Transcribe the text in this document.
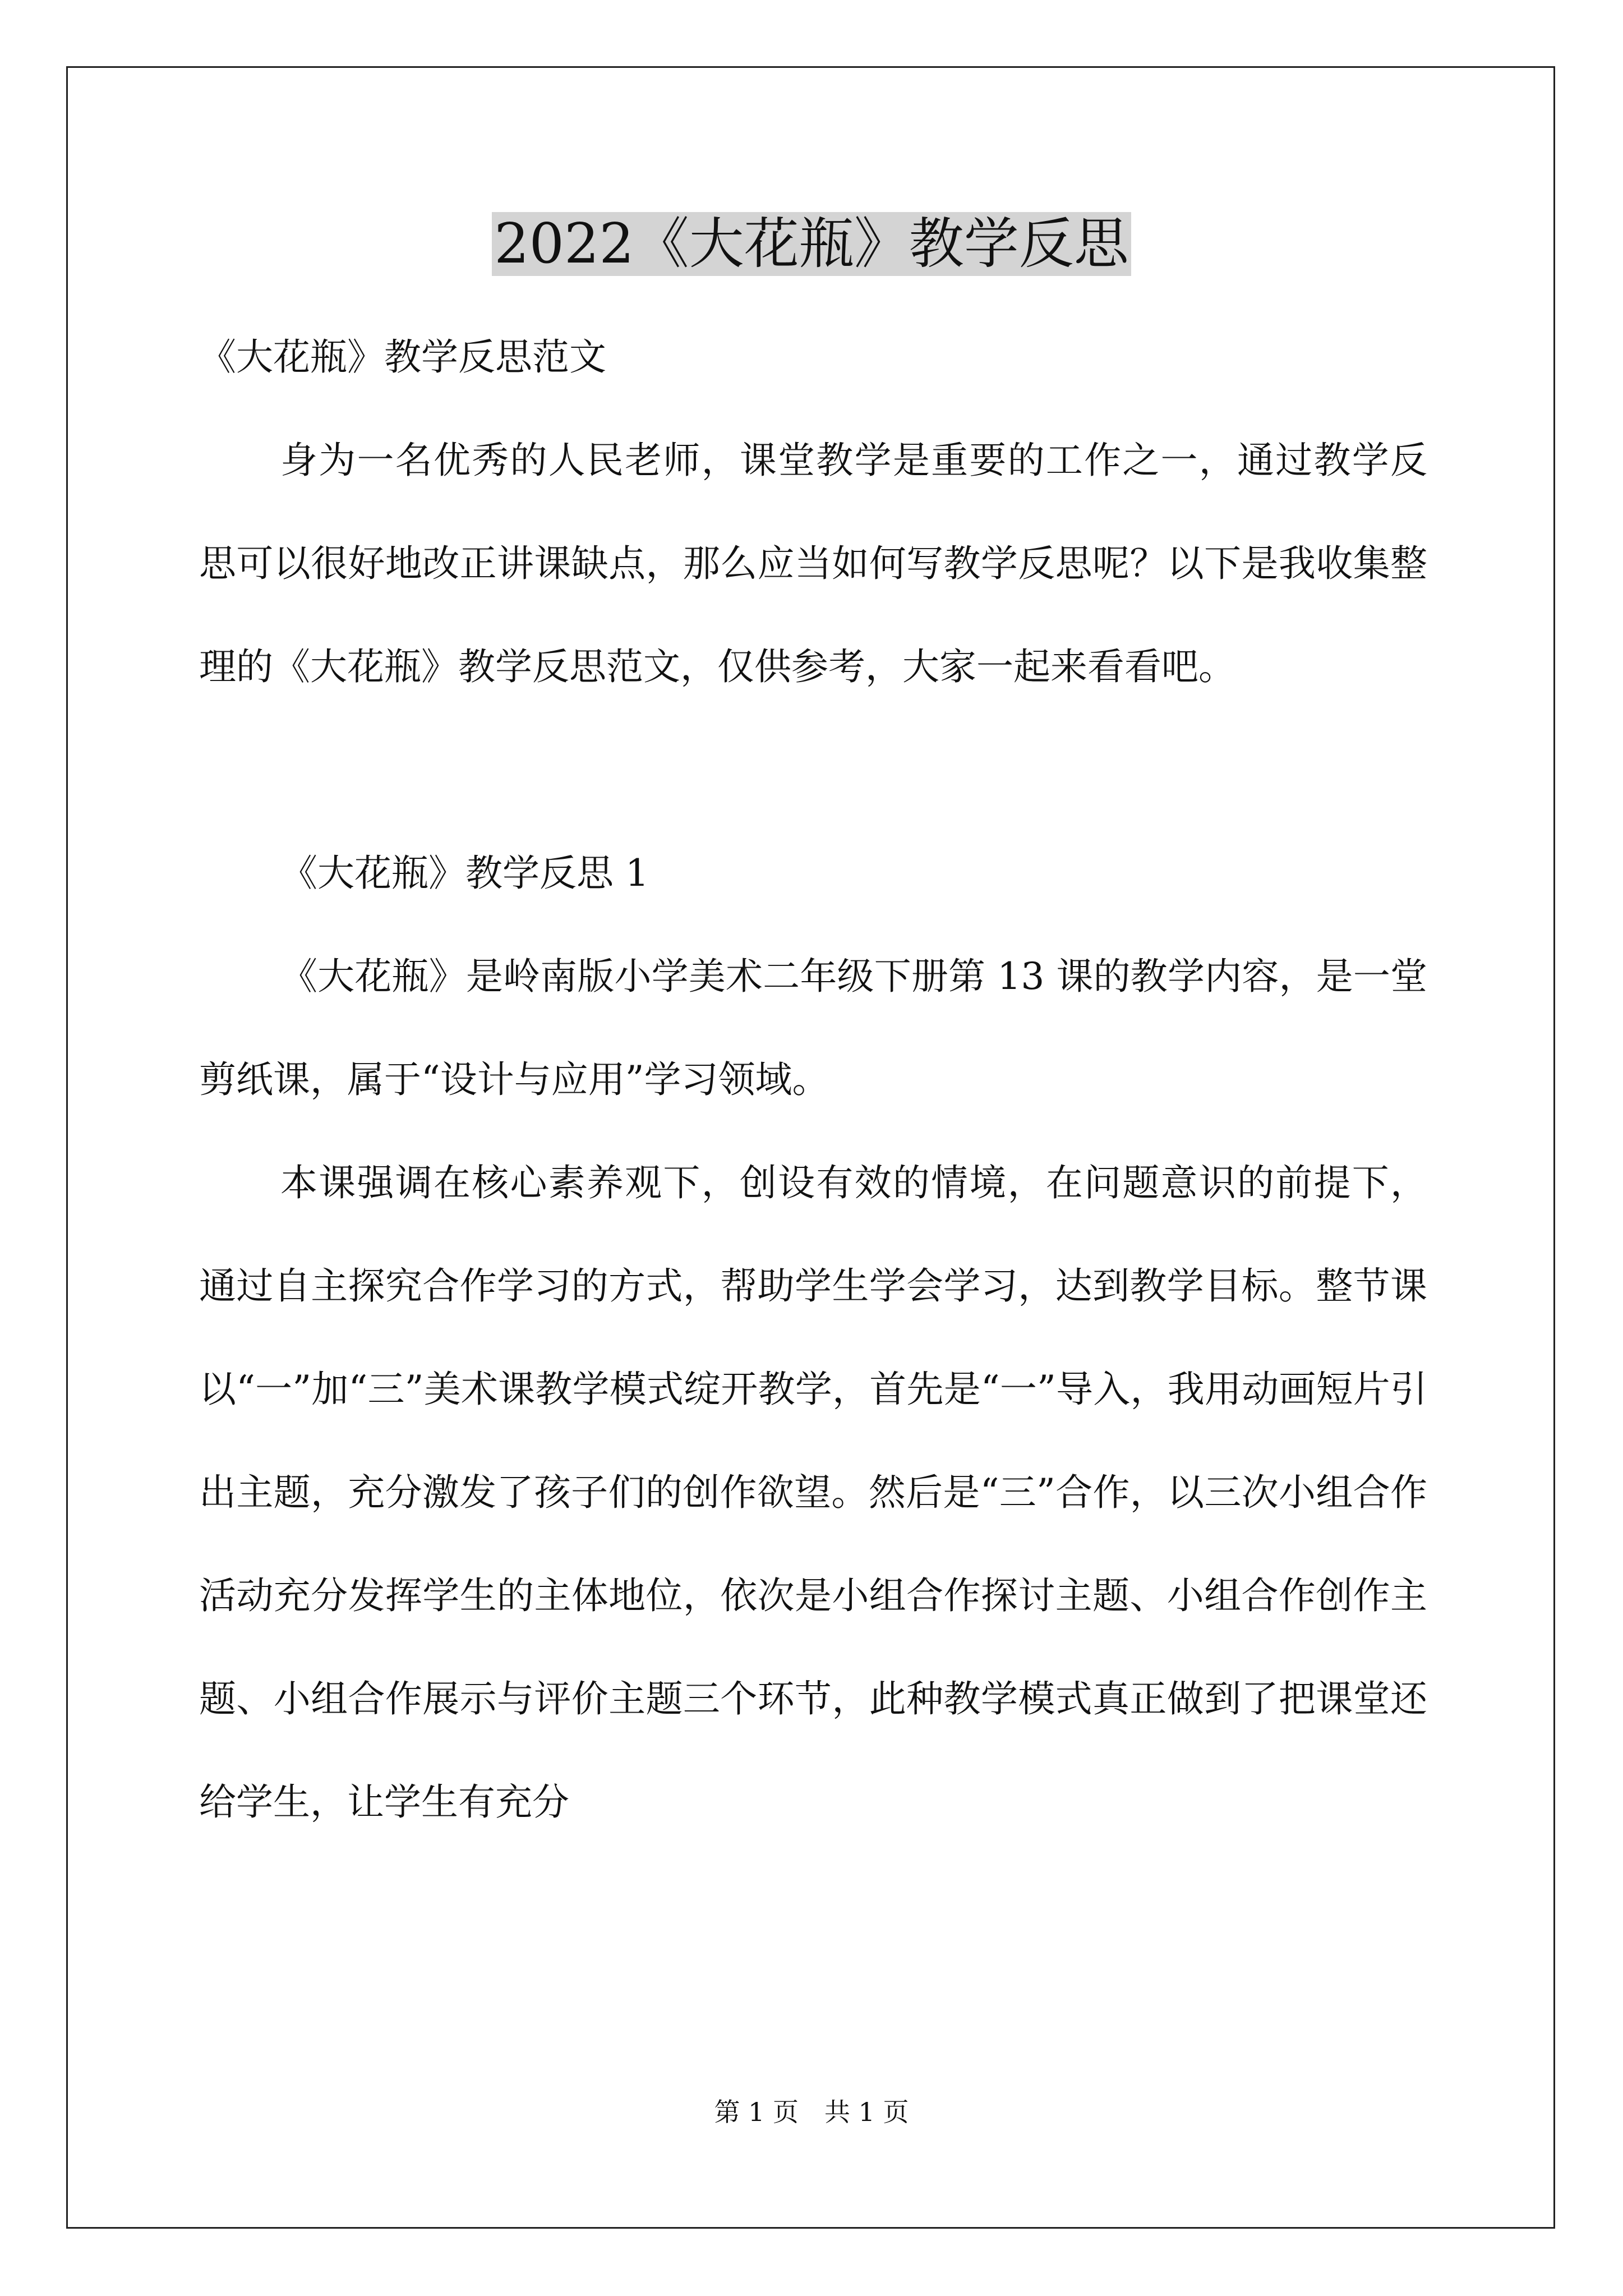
2022《大花瓶》教学反思

《大花瓶》教学反思范文

身为一名优秀的人民老师，课堂教学是重要的工作之一，通过教学反思可以很好地改正讲课缺点，那么应当如何写教学反思呢？以下是我收集整理的《大花瓶》教学反思范文，仅供参考，大家一起来看看吧。

《大花瓶》教学反思 1

《大花瓶》是岭南版小学美术二年级下册第 13 课的教学内容，是一堂剪纸课，属于“设计与应用”学习领域。

本课强调在核心素养观下，创设有效的情境，在问题意识的前提下，通过自主探究合作学习的方式，帮助学生学会学习，达到教学目标。整节课以“一”加“三”美术课教学模式绽开教学，首先是“一”导入，我用动画短片引出主题，充分激发了孩子们的创作欲望。然后是“三”合作，以三次小组合作活动充分发挥学生的主体地位，依次是小组合作探讨主题、小组合作创作主题、小组合作展示与评价主题三个环节，此种教学模式真正做到了把课堂还给学生，让学生有充分

第 1 页　共 1 页
